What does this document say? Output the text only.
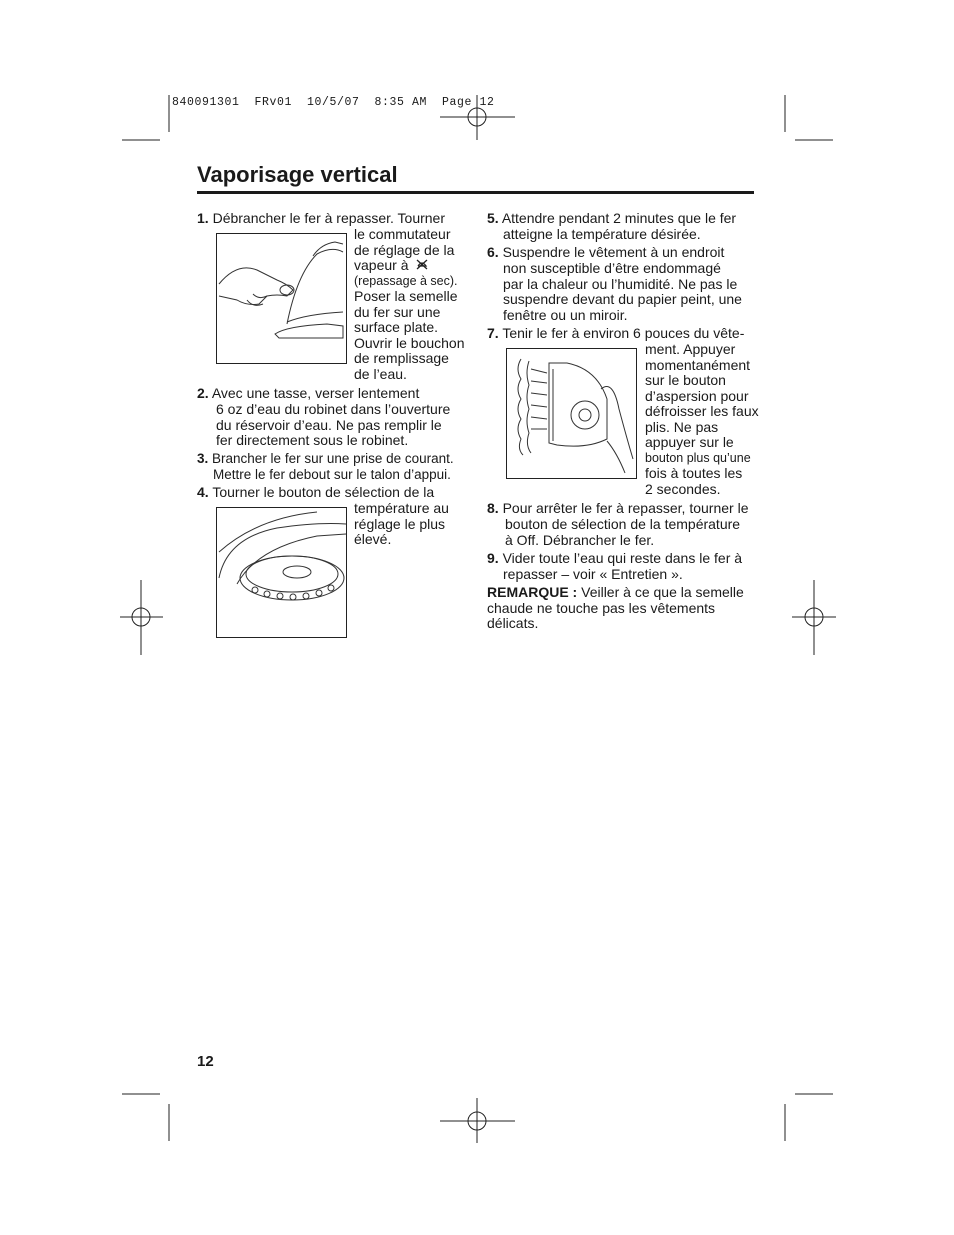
840091301  FRv01  10/5/07  8:35 AM  Page 12
Vaporisage vertical
1. Débrancher le fer à repasser. Tourner
le commutateur
de réglage de la
vapeur à
(repassage à sec).
Poser la semelle
du fer sur une
surface plate.
Ouvrir le bouchon
de remplissage
de l’eau.
2. Avec une tasse, verser lentement
6 oz d’eau du robinet dans l’ouverture
du réservoir d’eau. Ne pas remplir le
fer directement sous le robinet.
3. Brancher le fer sur une prise de courant.
Mettre le fer debout sur le talon d’appui.
4. Tourner le bouton de sélection de la
température au
réglage le plus
élevé.
5. Attendre pendant 2 minutes que le fer
atteigne la température désirée.
6. Suspendre le vêtement à un endroit
non susceptible d’être endommagé
par la chaleur ou l’humidité. Ne pas le
suspendre devant du papier peint, une
fenêtre ou un miroir.
7. Tenir le fer à environ 6 pouces du vête-
ment. Appuyer
momentanément
sur le bouton
d’aspersion pour
défroisser les faux
plis. Ne pas
appuyer sur le
bouton plus qu’une
fois à toutes les
2 secondes.
8. Pour arrêter le fer à repasser, tourner le
bouton de sélection de la température
à Off. Débrancher le fer.
9. Vider toute l’eau qui reste dans le fer à
repasser – voir « Entretien ».
REMARQUE : Veiller à ce que la semelle
chaude ne touche pas les vêtements
délicats.
12
